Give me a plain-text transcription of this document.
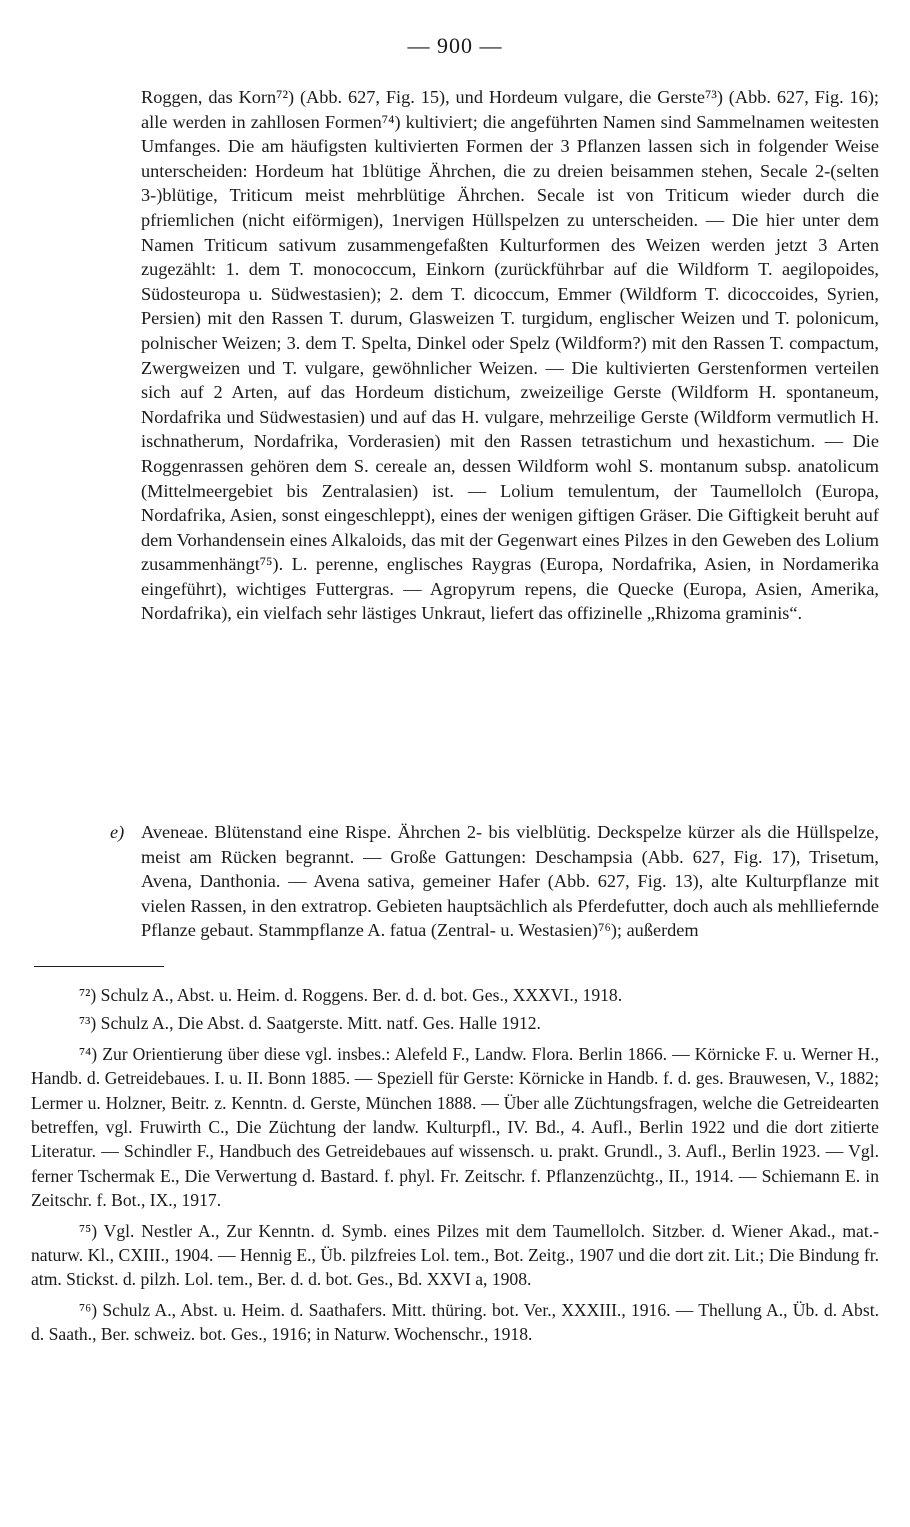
— 900 —

Roggen, das Korn⁷²) (Abb. 627, Fig. 15), und Hordeum vulgare, die Gerste⁷³) (Abb. 627, Fig. 16); alle werden in zahllosen Formen⁷⁴) kultiviert; die angeführten Namen sind Sammelnamen weitesten Umfanges. Die am häufigsten kultivierten Formen der 3 Pflanzen lassen sich in folgender Weise unterscheiden: Hordeum hat 1blütige Ährchen, die zu dreien beisammen stehen, Secale 2-(selten 3-)blütige, Triticum meist mehrblütige Ährchen. Secale ist von Triticum wieder durch die pfriemlichen (nicht eiförmigen), 1nervigen Hüllspelzen zu unterscheiden. — Die hier unter dem Namen Triticum sativum zusammengefaßten Kulturformen des Weizen werden jetzt 3 Arten zugezählt: 1. dem T. monococcum, Einkorn (zurückführbar auf die Wildform T. aegilopoides, Südosteuropa u. Südwestasien); 2. dem T. dicoccum, Emmer (Wildform T. dicoccoides, Syrien, Persien) mit den Rassen T. durum, Glasweizen T. turgidum, englischer Weizen und T. polonicum, polnischer Weizen; 3. dem T. Spelta, Dinkel oder Spelz (Wildform?) mit den Rassen T. compactum, Zwergweizen und T. vulgare, gewöhnlicher Weizen. — Die kultivierten Gerstenformen verteilen sich auf 2 Arten, auf das Hordeum distichum, zweizeilige Gerste (Wildform H. spontaneum, Nordafrika und Südwestasien) und auf das H. vulgare, mehrzeilige Gerste (Wildform vermutlich H. ischnatherum, Nordafrika, Vorderasien) mit den Rassen tetrastichum und hexastichum. — Die Roggenrassen gehören dem S. cereale an, dessen Wildform wohl S. montanum subsp. anatolicum (Mittelmeergebiet bis Zentralasien) ist. — Lolium temulentum, der Taumellolch (Europa, Nordafrika, Asien, sonst eingeschleppt), eines der wenigen giftigen Gräser. Die Giftigkeit beruht auf dem Vorhandensein eines Alkaloids, das mit der Gegenwart eines Pilzes in den Geweben des Lolium zusammenhängt⁷⁵). L. perenne, englisches Raygras (Europa, Nordafrika, Asien, in Nordamerika eingeführt), wichtiges Futtergras. — Agropyrum repens, die Quecke (Europa, Asien, Amerika, Nordafrika), ein vielfach sehr lästiges Unkraut, liefert das offizinelle „Rhizoma graminis“.

e) Aveneae. Blütenstand eine Rispe. Ährchen 2- bis vielblütig. Deckspelze kürzer als die Hüllspelze, meist am Rücken begrannt. — Große Gattungen: Deschampsia (Abb. 627, Fig. 17), Trisetum, Avena, Danthonia. — Avena sativa, gemeiner Hafer (Abb. 627, Fig. 13), alte Kulturpflanze mit vielen Rassen, in den extratrop. Gebieten hauptsächlich als Pferdefutter, doch auch als mehlliefernde Pflanze gebaut. Stammpflanze A. fatua (Zentral- u. Westasien)⁷⁶); außerdem

⁷²) Schulz A., Abst. u. Heim. d. Roggens. Ber. d. d. bot. Ges., XXXVI., 1918.

⁷³) Schulz A., Die Abst. d. Saatgerste. Mitt. natf. Ges. Halle 1912.

⁷⁴) Zur Orientierung über diese vgl. insbes.: Alefeld F., Landw. Flora. Berlin 1866. — Körnicke F. u. Werner H., Handb. d. Getreidebaues. I. u. II. Bonn 1885. — Speziell für Gerste: Körnicke in Handb. f. d. ges. Brauwesen, V., 1882; Lermer u. Holzner, Beitr. z. Kenntn. d. Gerste, München 1888. — Über alle Züchtungsfragen, welche die Getreidearten betreffen, vgl. Fruwirth C., Die Züchtung der landw. Kulturpfl., IV. Bd., 4. Aufl., Berlin 1922 und die dort zitierte Literatur. — Schindler F., Handbuch des Getreidebaues auf wissensch. u. prakt. Grundl., 3. Aufl., Berlin 1923. — Vgl. ferner Tschermak E., Die Verwertung d. Bastard. f. phyl. Fr. Zeitschr. f. Pflanzenzüchtg., II., 1914. — Schiemann E. in Zeitschr. f. Bot., IX., 1917.

⁷⁵) Vgl. Nestler A., Zur Kenntn. d. Symb. eines Pilzes mit dem Taumellolch. Sitzber. d. Wiener Akad., mat.-naturw. Kl., CXIII., 1904. — Hennig E., Üb. pilzfreies Lol. tem., Bot. Zeitg., 1907 und die dort zit. Lit.; Die Bindung fr. atm. Stickst. d. pilzh. Lol. tem., Ber. d. d. bot. Ges., Bd. XXVI a, 1908.

⁷⁶) Schulz A., Abst. u. Heim. d. Saathafers. Mitt. thüring. bot. Ver., XXXIII., 1916. — Thellung A., Üb. d. Abst. d. Saath., Ber. schweiz. bot. Ges., 1916; in Naturw. Wochenschr., 1918.
